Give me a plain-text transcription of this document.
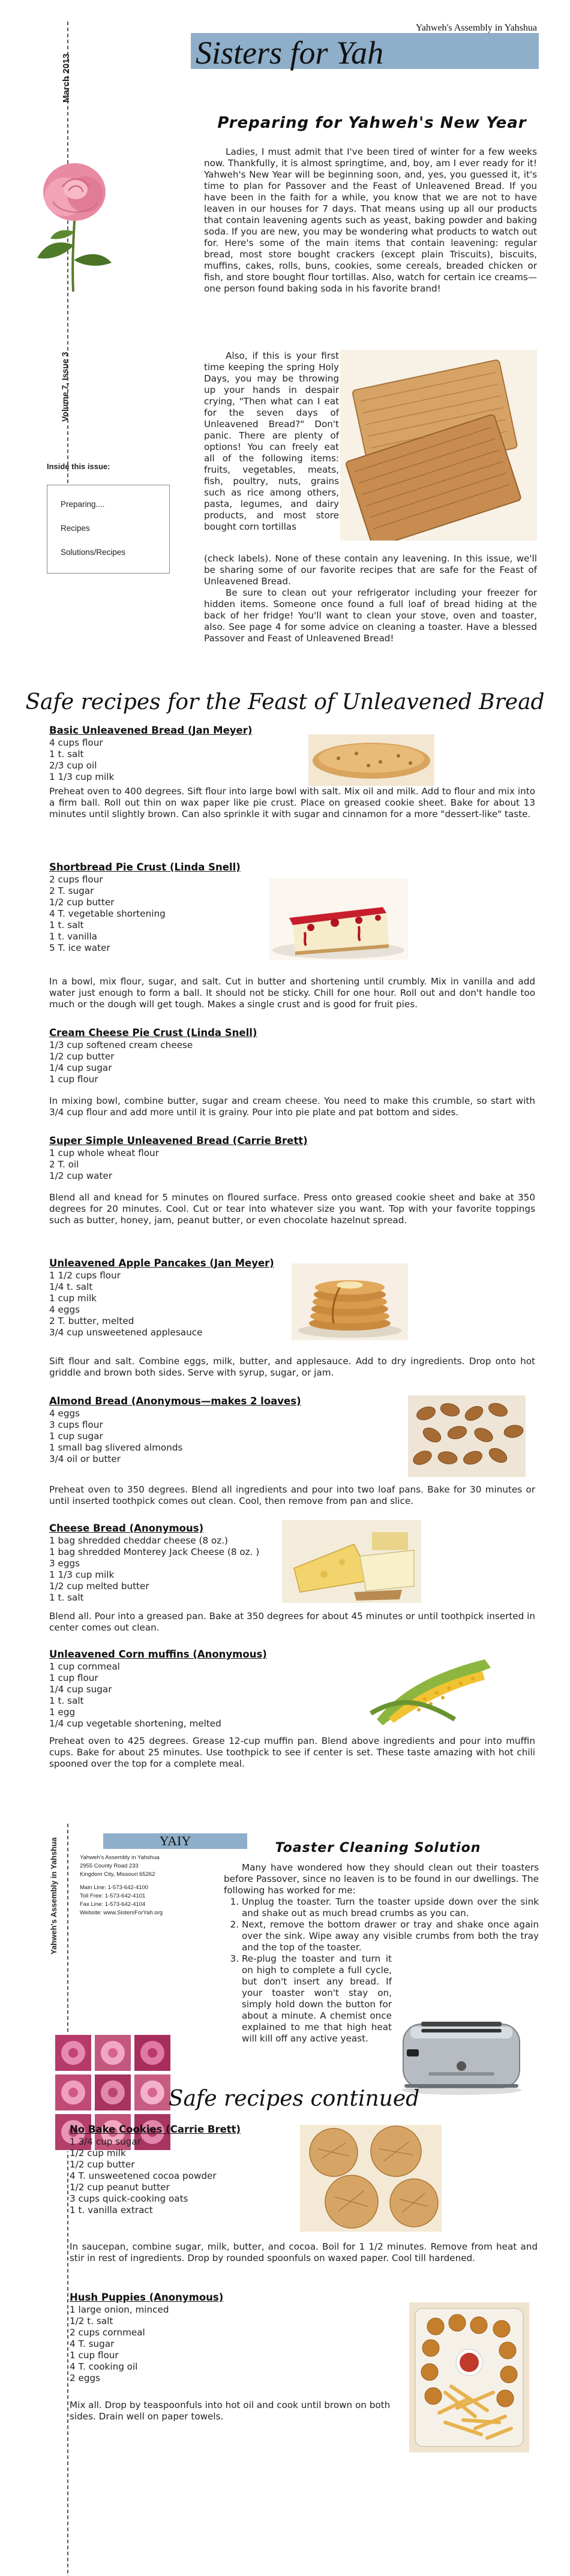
March 2013
Volume 7, Issue 3
Yahweh's Assembly in Yahshua
Sisters for Yah
Inside this issue:
Preparing....
Recipes
Solutions/Recipes
Preparing for Yahweh's New Year
Ladies, I must admit that I've been tired of winter for a few weeks now. Thankfully, it is almost springtime, and, boy, am I ever ready for it! Yahweh's New Year will be beginning soon, and, yes, you guessed it, it's time to plan for Passover and the Feast of Unleavened Bread. If you have been in the faith for a while, you know that we are not to have leaven in our houses for 7 days. That means using up all our products that contain leavening agents such as yeast, baking powder and baking soda. If you are new, you may be wondering what products to watch out for. Here's some of the main items that contain leavening: regular bread, most store bought crackers (except plain Triscuits), biscuits, muffins, cakes, rolls, buns, cookies, some cereals, breaded chicken or fish, and store bought flour tortillas. Also, watch for certain ice creams—one person found baking soda in his favorite brand!
Also, if this is your first time keeping the spring Holy Days, you may be throwing up your hands in despair crying, "Then what can I eat for the seven days of Unleavened Bread?" Don't panic. There are plenty of options! You can freely eat all of the following items: fruits, vegetables, meats, fish, poultry, nuts, grains such as rice among others, pasta, legumes, and dairy products, and most store bought corn tortillas
(check labels). None of these contain any leavening. In this issue, we'll be sharing some of our favorite recipes that are safe for the Feast of Unleavened Bread.
Be sure to clean out your refrigerator including your freezer for hidden items. Someone once found a full loaf of bread hiding at the back of her fridge! You'll want to clean your stove, oven and toaster, also. See page 4 for some advice on cleaning a toaster. Have a blessed Passover and Feast of Unleavened Bread!
Safe recipes for the Feast of Unleavened Bread
Basic Unleavened Bread (Jan Meyer)
4 cups flour
1 t. salt
2/3 cup oil
1 1/3 cup milk
Preheat oven to 400 degrees. Sift flour into large bowl with salt. Mix oil and milk. Add to flour and mix into a firm ball. Roll out thin on wax paper like pie crust. Place on greased cookie sheet. Bake for about 13 minutes until slightly brown. Can also sprinkle it with sugar and cinnamon for a more "dessert-like" taste.
Shortbread Pie Crust (Linda Snell)
2 cups flour
2 T. sugar
1/2 cup butter
4 T. vegetable shortening
1 t. salt
1 t. vanilla
5 T. ice water
In a bowl, mix flour, sugar, and salt. Cut in butter and shortening until crumbly. Mix in vanilla and add water just enough to form a ball. It should not be sticky. Chill for one hour. Roll out and don't handle too much or the dough will get tough. Makes a single crust and is good for fruit pies.
Cream Cheese Pie Crust (Linda Snell)
1/3 cup softened cream cheese
1/2 cup butter
1/4 cup sugar
1 cup flour
In mixing bowl, combine butter, sugar and cream cheese. You need to make this crumble, so start with 3/4 cup flour and add more until it is grainy. Pour into pie plate and pat bottom and sides.
Super Simple Unleavened Bread (Carrie Brett)
1 cup whole wheat flour
2 T. oil
1/2 cup water
Blend all and knead for 5 minutes on floured surface. Press onto greased cookie sheet and bake at 350 degrees for 20 minutes. Cool. Cut or tear into whatever size you want. Top with your favorite toppings such as butter, honey, jam, peanut butter, or even chocolate hazelnut spread.
Unleavened Apple Pancakes (Jan Meyer)
1 1/2 cups flour
1/4 t. salt
1 cup milk
4 eggs
2 T. butter, melted
3/4 cup unsweetened applesauce
Sift flour and salt. Combine eggs, milk, butter, and applesauce. Add to dry ingredients. Drop onto hot griddle and brown both sides. Serve with syrup, sugar, or jam.
Almond Bread (Anonymous—makes 2 loaves)
4 eggs
3 cups flour
1 cup sugar
1 small bag slivered almonds
3/4 oil or butter
Preheat oven to 350 degrees. Blend all ingredients and pour into two loaf pans. Bake for 30 minutes or until inserted toothpick comes out clean. Cool, then remove from pan and slice.
Cheese Bread (Anonymous)
1 bag shredded cheddar cheese (8 oz.)
1 bag shredded Monterey Jack Cheese (8 oz. )
3 eggs
1 1/3 cup milk
1/2 cup melted butter
1 t. salt
Blend all. Pour into a greased pan. Bake at 350 degrees for about 45 minutes or until toothpick inserted in center comes out clean.
Unleavened Corn muffins (Anonymous)
1 cup cornmeal
1 cup flour
1/4 cup sugar
1 t. salt
1 egg
1/4 cup vegetable shortening, melted
Preheat oven to 425 degrees. Grease 12-cup muffin pan. Blend above ingredients and pour into muffin cups. Bake for about 25 minutes. Use toothpick to see if center is set. These taste amazing with hot chili spooned over the top for a complete meal.
Yahweh's Assembly in Yahshua	YAIY
Yahweh's Assembly in Yahshua
2955 County Road 233
Kingdom City, Missouri 65262
Main Line: 1-573-642-4100
Toll Free: 1-573-642-4101
Fax Line: 1-573-642-4104
Website: www.SistersForYah.org
Toaster Cleaning Solution
Many have wondered how they should clean out their toasters before Passover, since no leaven is to be found in our dwellings. The following has worked for me:
1. Unplug the toaster. Turn the toaster upside down over the sink and shake out as much bread crumbs as you can.
2. Next, remove the bottom drawer or tray and shake once again over the sink. Wipe away any visible crumbs from both the tray and the top of the toaster.
3. Re-plug the toaster and turn it on high to complete a full cycle, but don't insert any bread. If your toaster won't stay on, simply hold down the button for about a minute. A chemist once explained to me that high heat will kill off any active yeast.
Safe recipes continued
No Bake Cookies (Carrie Brett)
1 3/4 cup sugar
1/2 cup milk
1/2 cup butter
4 T. unsweetened cocoa powder
1/2 cup peanut butter
3 cups quick-cooking oats
1 t. vanilla extract
In saucepan, combine sugar, milk, butter, and cocoa. Boil for 1 1/2 minutes. Remove from heat and stir in rest of ingredients. Drop by rounded spoonfuls on waxed paper. Cool till hardened.
Hush Puppies (Anonymous)
1 large onion, minced
1/2 t. salt
2 cups cornmeal
4 T. sugar
1 cup flour
4 T. cooking oil
2 eggs
Mix all. Drop by teaspoonfuls into hot oil and cook until brown on both sides. Drain well on paper towels.
